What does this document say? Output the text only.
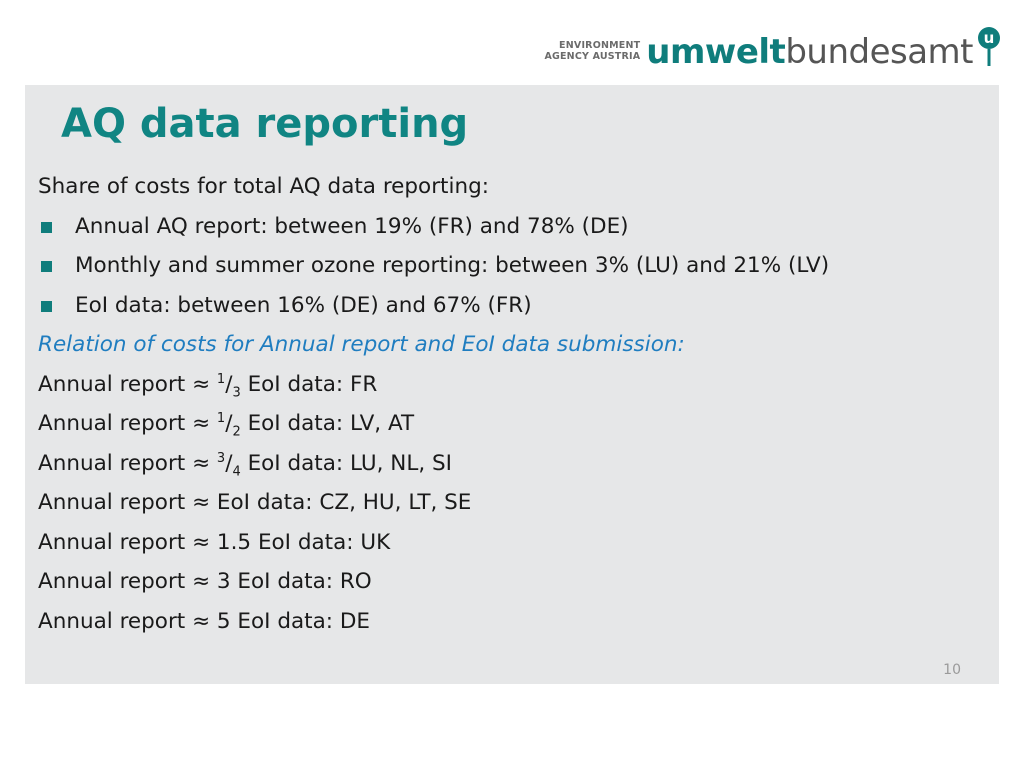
ENVIRONMENT
AGENCY AUSTRIA umweltbundesamt u
AQ data reporting

Share of costs for total AQ data reporting:

Annual AQ report: between 19% (FR) and 78% (DE)
Monthly and summer ozone reporting: between 3% (LU) and 21% (LV)
EoI data: between 16% (DE) and 67% (FR)

Relation of costs for Annual report and EoI data submission:

Annual report ≈ $^1/_3$ EoI data: FR

Annual report ≈ $^1/_2$ EoI data: LV, AT

Annual report ≈ $^3/_4$ EoI data: LU, NL, SI

Annual report ≈ EoI data: CZ, HU, LT, SE

Annual report ≈ 1.5 EoI data: UK

Annual report ≈ 3 EoI data: RO

Annual report ≈ 5 EoI data: DE

10
